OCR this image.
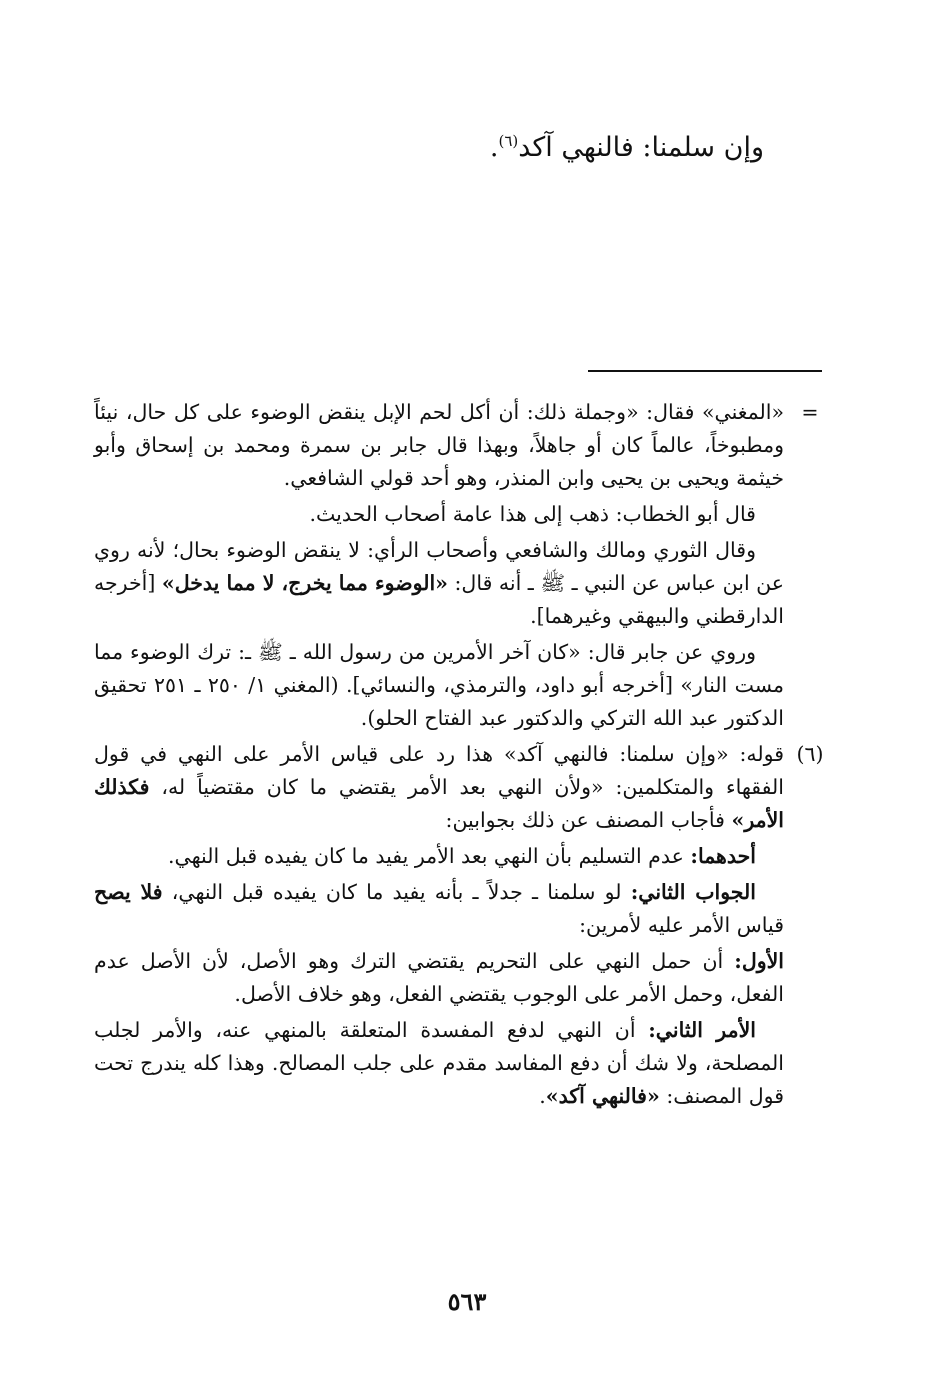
وإن سلمنا: فالنهي آكد$^{(٦)}$.
=

«المغني» فقال: «وجملة ذلك: أن أكل لحم الإبل ينقض الوضوء على كل حال، نيئاً ومطبوخاً، عالماً كان أو جاهلاً، وبهذا قال جابر بن سمرة ومحمد بن إسحاق وأبو خيثمة ويحيى بن يحيى وابن المنذر، وهو أحد قولي الشافعي.

قال أبو الخطاب: ذهب إلى هذا عامة أصحاب الحديث.

وقال الثوري ومالك والشافعي وأصحاب الرأي: لا ينقض الوضوء بحال؛ لأنه روي عن ابن عباس عن النبي ـ ﷺ ـ أنه قال: «الوضوء مما يخرج، لا مما يدخل» [أخرجه الدارقطني والبيهقي وغيرهما].

وروي عن جابر قال: «كان آخر الأمرين من رسول الله ـ ﷺ ـ: ترك الوضوء مما مست النار» [أخرجه أبو داود، والترمذي، والنسائي]. (المغني ١/ ٢٥٠ ـ ٢٥١ تحقيق الدكتور عبد الله التركي والدكتور عبد الفتاح الحلو).

(٦)

قوله: «وإن سلمنا: فالنهي آكد» هذا رد على قياس الأمر على النهي في قول الفقهاء والمتكلمين: «ولأن النهي بعد الأمر يقتضي ما كان مقتضياً له، فكذلك الأمر» فأجاب المصنف عن ذلك بجوابين:

أحدهما: عدم التسليم بأن النهي بعد الأمر يفيد ما كان يفيده قبل النهي.

الجواب الثاني: لو سلمنا ـ جدلاً ـ بأنه يفيد ما كان يفيده قبل النهي، فلا يصح قياس الأمر عليه لأمرين:

الأول: أن حمل النهي على التحريم يقتضي الترك وهو الأصل، لأن الأصل عدم الفعل، وحمل الأمر على الوجوب يقتضي الفعل، وهو خلاف الأصل.

الأمر الثاني: أن النهي لدفع المفسدة المتعلقة بالمنهي عنه، والأمر لجلب المصلحة، ولا شك أن دفع المفاسد مقدم على جلب المصالح. وهذا كله يندرج تحت قول المصنف: «فالنهي آكد».

٥٦٣
